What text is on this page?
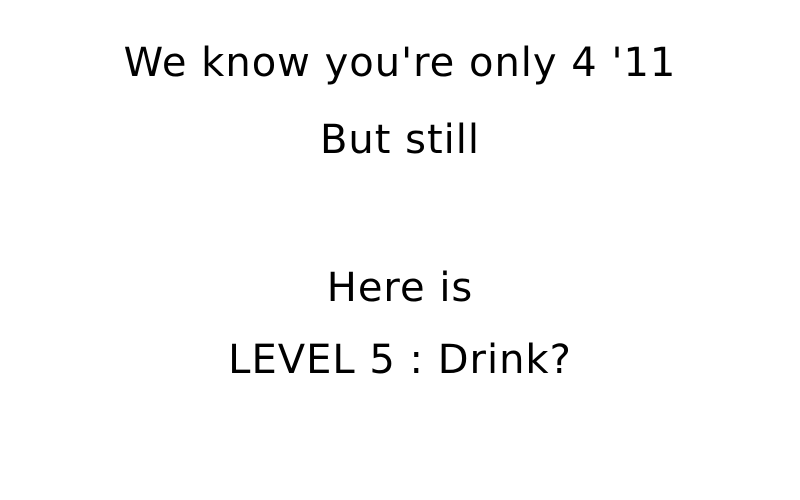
We know you're only 4 '11
But still
Here is
LEVEL 5 : Drink?
